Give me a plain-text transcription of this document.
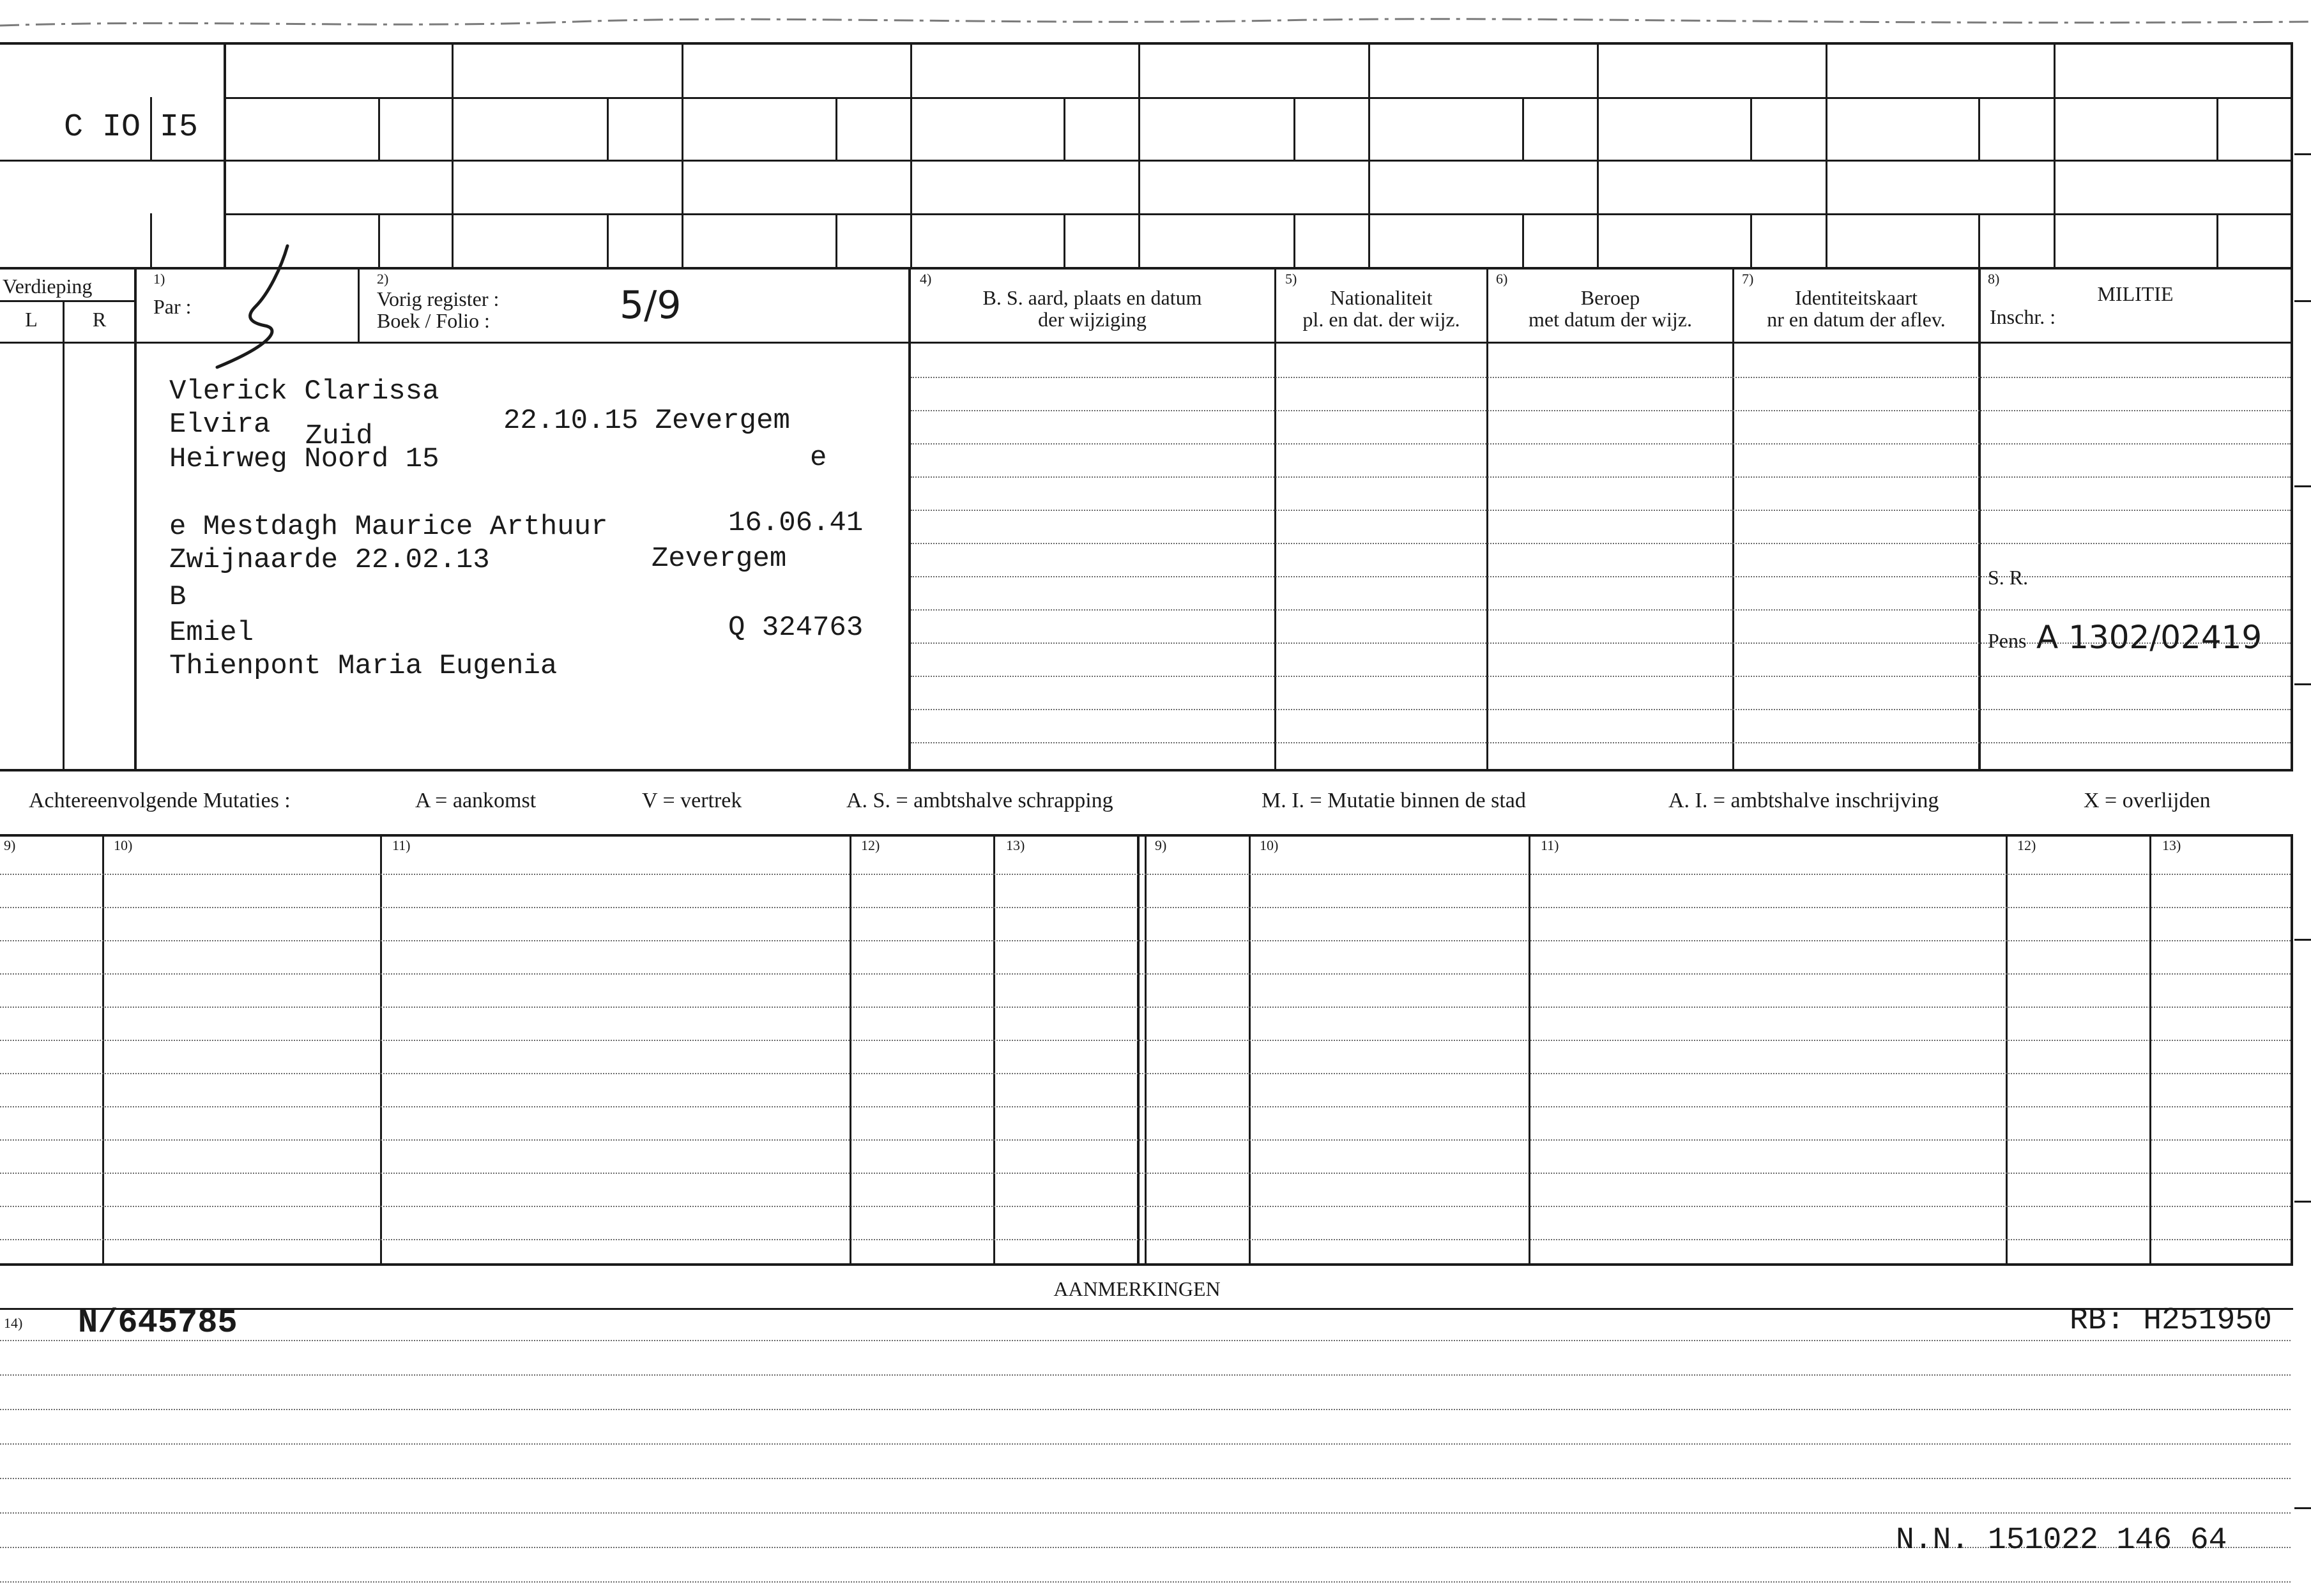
C IO I5
Verdieping
L	R
1)
Par :
2)
Vorig register :
Boek / Folio :	5/9
4)
B. S. aard, plaats en datum
der wijziging
5)
Nationaliteit
pl. en dat. der wijz.
6)
Beroep
met datum der wijz.
7)
Identiteitskaart
nr en datum der aflev.
8)
MILITIE
Inschr. :
S. R.
Pens A 1302/02419
Vlerick Clarissa
Elvira Zuid	22.10.15 Zevergem
Heirweg Noord 15	e
e Mestdagh Maurice Arthuur	16.06.41
Zwijnaarde 22.02.13	Zevergem
B
Emiel	Q 324763
Thienpont Maria Eugenia
Achtereenvolgende Mutaties :	A = aankomst	V = vertrek	A. S. = ambtshalve schrapping	M. I. = Mutatie binnen de stad	A. I. = ambtshalve inschrijving	X = overlijden
9)	10)	11)	12)	13)	9)	10)	11)	12)	13)
AANMERKINGEN
14) N/645785	RB: H251950
N.N. 151022 146 64
